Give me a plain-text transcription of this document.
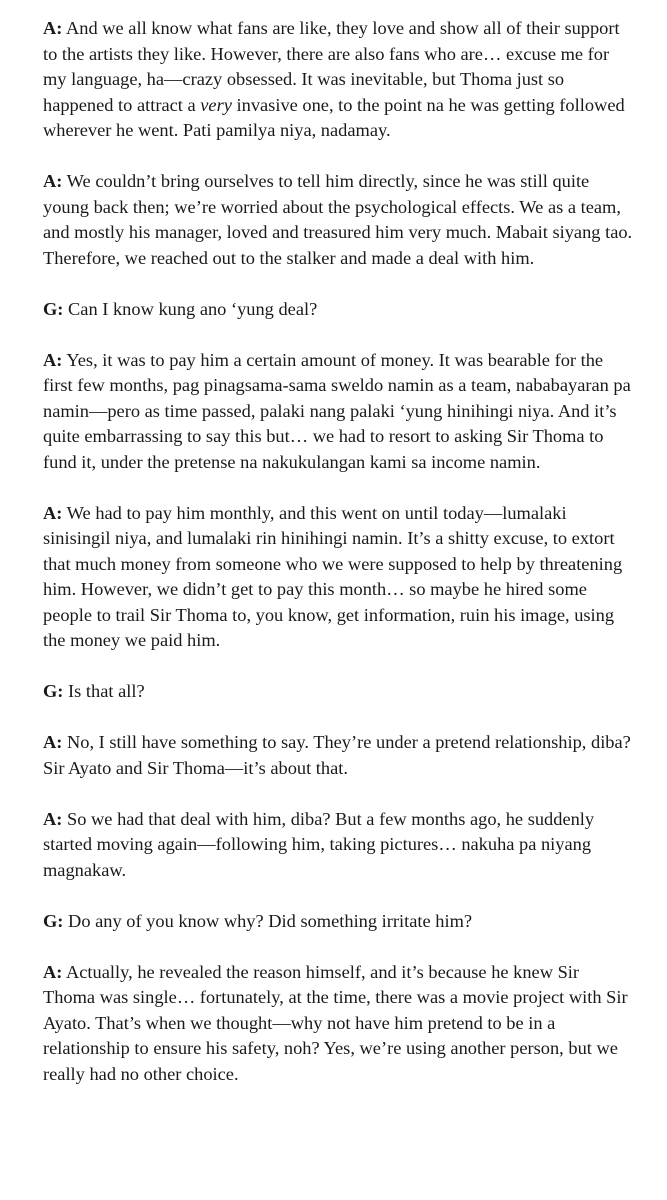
A: And we all know what fans are like, they love and show all of their support to the artists they like. However, there are also fans who are… excuse me for my language, ha—crazy obsessed. It was inevitable, but Thoma just so happened to attract a very invasive one, to the point na he was getting followed wherever he went. Pati pamilya niya, nadamay.

A: We couldn’t bring ourselves to tell him directly, since he was still quite young back then; we’re worried about the psychological effects. We as a team, and mostly his manager, loved and treasured him very much. Mabait siyang tao. Therefore, we reached out to the stalker and made a deal with him.

G: Can I know kung ano ‘yung deal?

A: Yes, it was to pay him a certain amount of money. It was bearable for the first few months, pag pinagsama-sama sweldo namin as a team, nababayaran pa namin—pero as time passed, palaki nang palaki ‘yung hinihingi niya. And it’s quite embarrassing to say this but… we had to resort to asking Sir Thoma to fund it, under the pretense na nakukulangan kami sa income namin.

A: We had to pay him monthly, and this went on until today—lumalaki sinisingil niya, and lumalaki rin hinihingi namin. It’s a shitty excuse, to extort that much money from someone who we were supposed to help by threatening him. However, we didn’t get to pay this month… so maybe he hired some people to trail Sir Thoma to, you know, get information, ruin his image, using the money we paid him.

G: Is that all?

A: No, I still have something to say. They’re under a pretend relationship, diba? Sir Ayato and Sir Thoma—it’s about that.

A: So we had that deal with him, diba? But a few months ago, he suddenly started moving again—following him, taking pictures… nakuha pa niyang magnakaw.

G: Do any of you know why? Did something irritate him?

A: Actually, he revealed the reason himself, and it’s because he knew Sir Thoma was single… fortunately, at the time, there was a movie project with Sir Ayato. That’s when we thought—why not have him pretend to be in a relationship to ensure his safety, noh? Yes, we’re using another person, but we really had no other choice.
